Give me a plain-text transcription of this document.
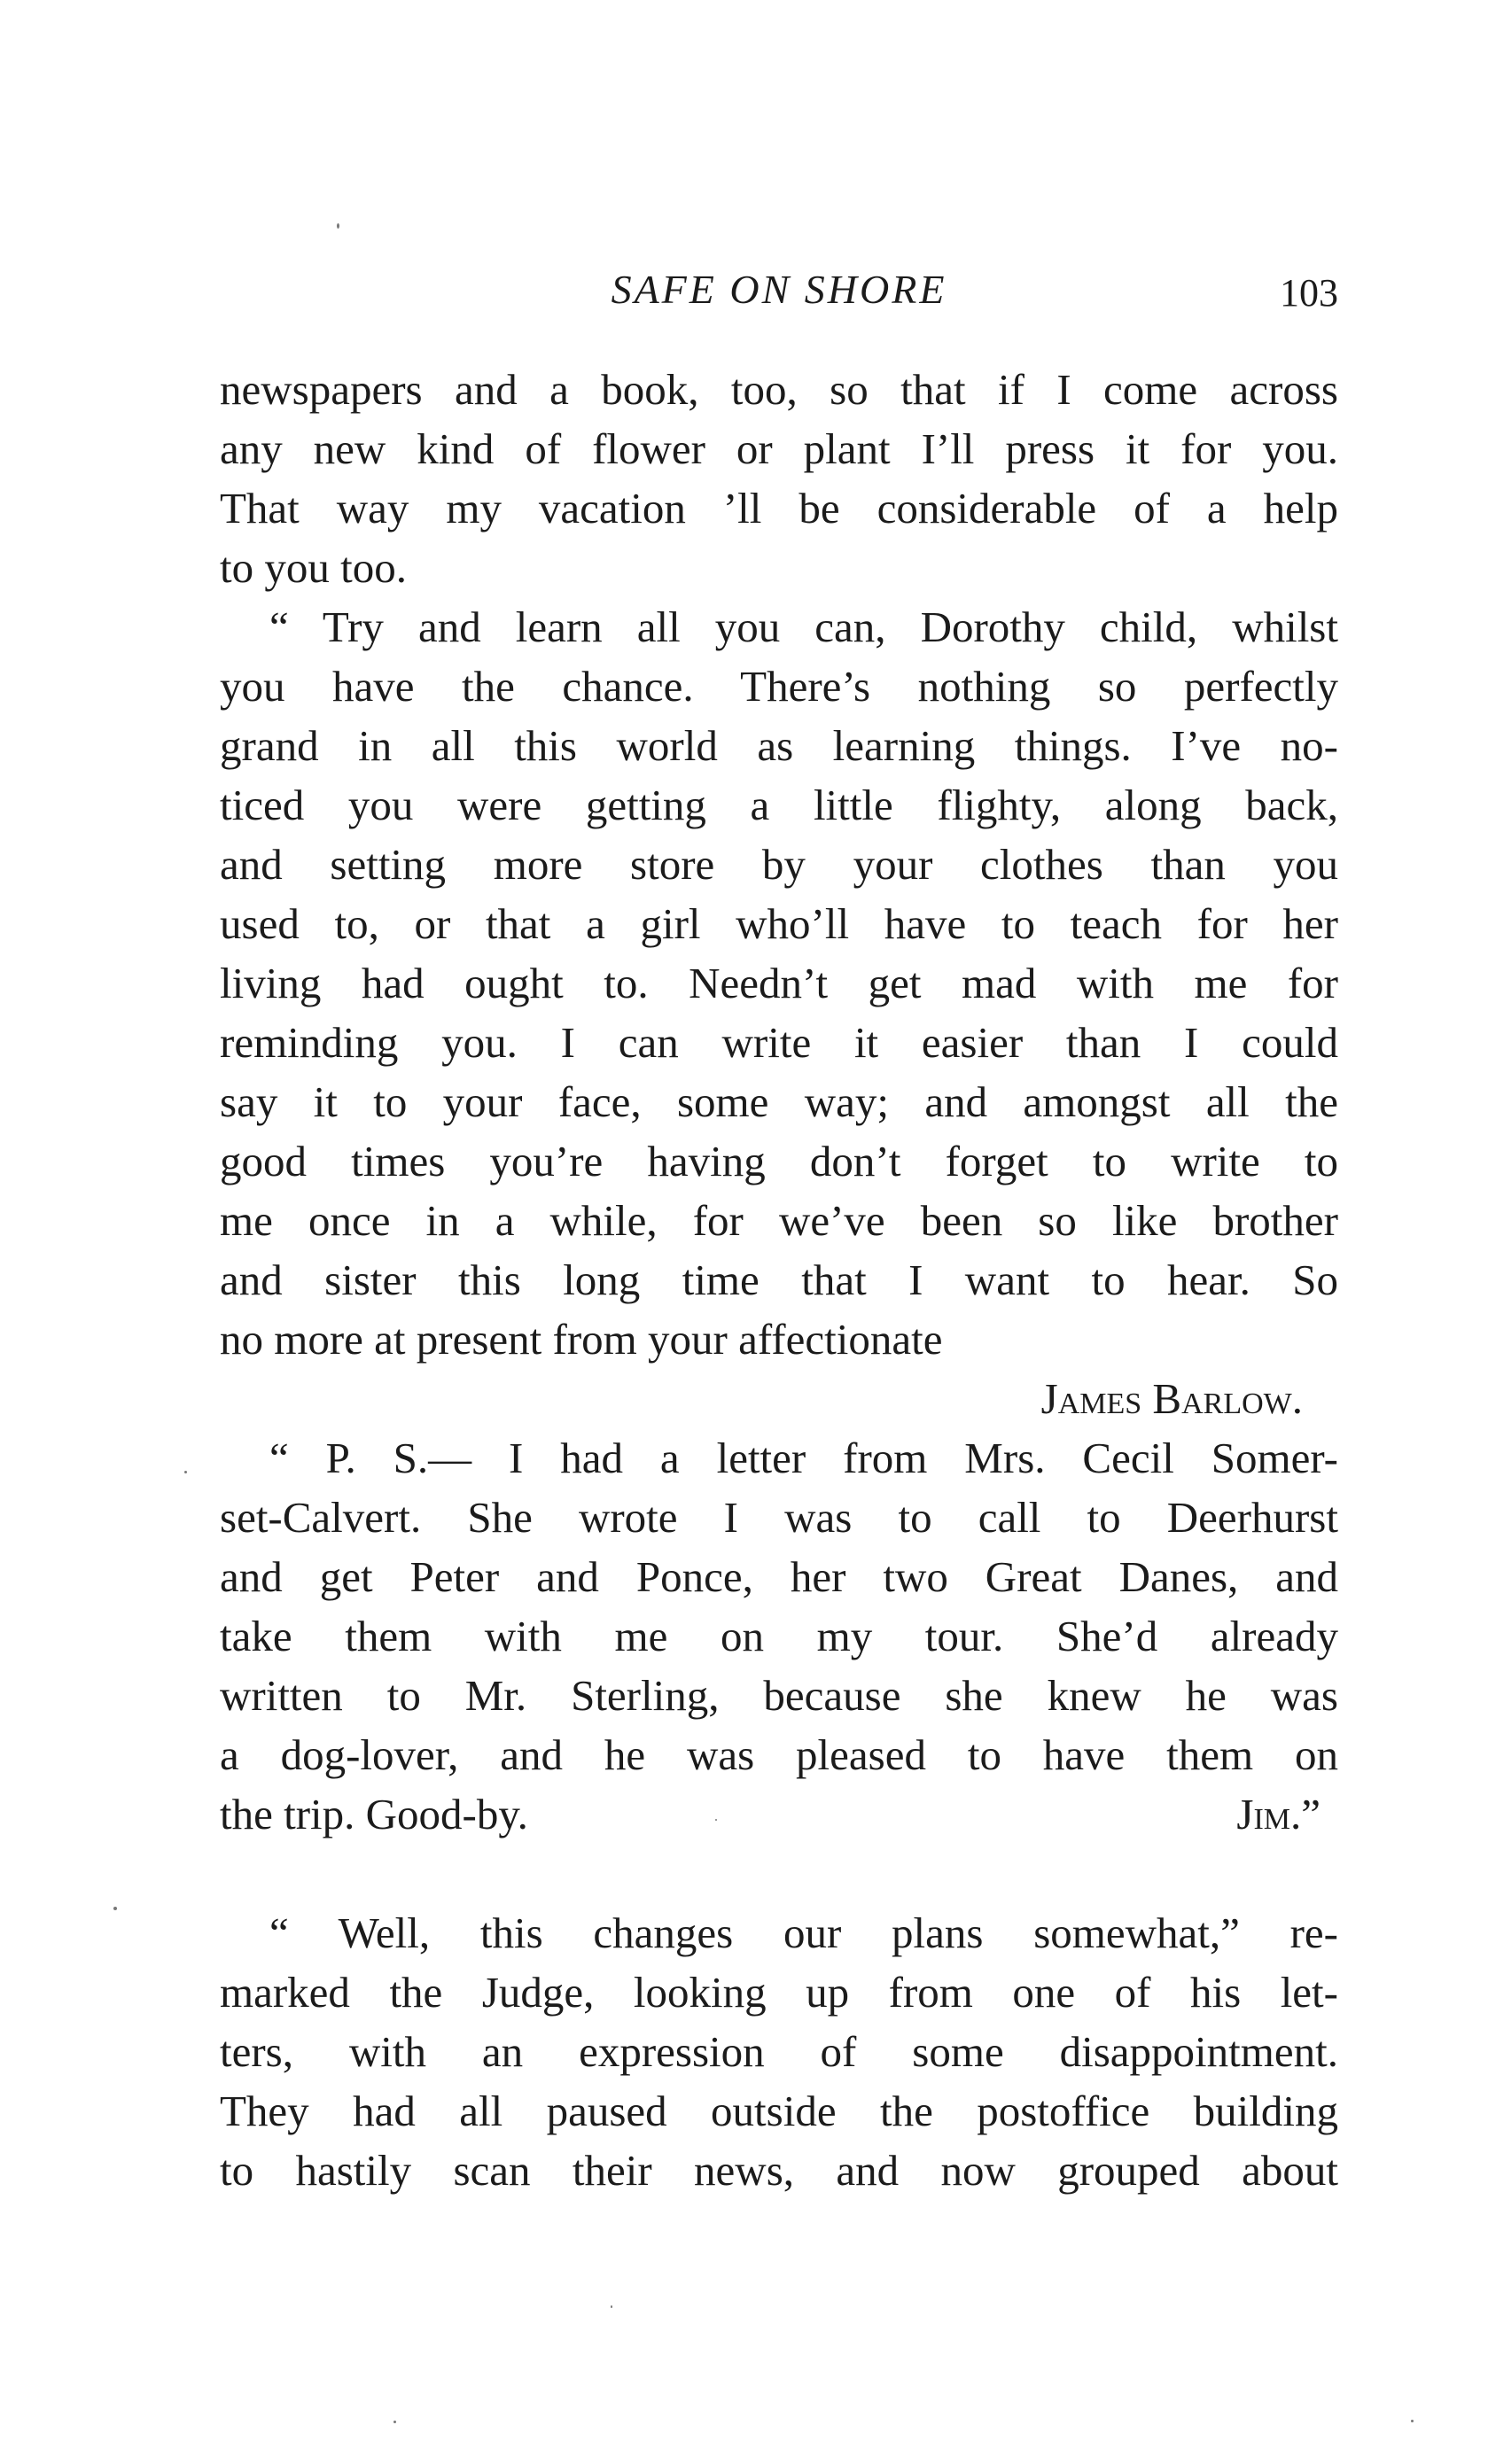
SAFE ON SHORE	103
newspapers and a book, too, so that if I come across
any new kind of flower or plant I’ll press it for you.
That way my vacation ’ll be considerable of a help
to you too.
“ Try and learn all you can, Dorothy child, whilst
you have the chance. There’s nothing so perfectly
grand in all this world as learning things. I’ve no-
ticed you were getting a little flighty, along back,
and setting more store by your clothes than you
used to, or that a girl who’ll have to teach for her
living had ought to. Needn’t get mad with me for
reminding you. I can write it easier than I could
say it to your face, some way; and amongst all the
good times you’re having don’t forget to write to
me once in a while, for we’ve been so like brother
and sister this long time that I want to hear. So
no more at present from your affectionate
James Barlow.
“ P. S.— I had a letter from Mrs. Cecil Somer-
set-Calvert. She wrote I was to call to Deerhurst
and get Peter and Ponce, her two Great Danes, and
take them with me on my tour. She’d already
written to Mr. Sterling, because she knew he was
a dog-lover, and he was pleased to have them on
the trip. Good-by.	Jim.”
“ Well, this changes our plans somewhat,” re-
marked the Judge, looking up from one of his let-
ters, with an expression of some disappointment.
They had all paused outside the postoffice building
to hastily scan their news, and now grouped about
